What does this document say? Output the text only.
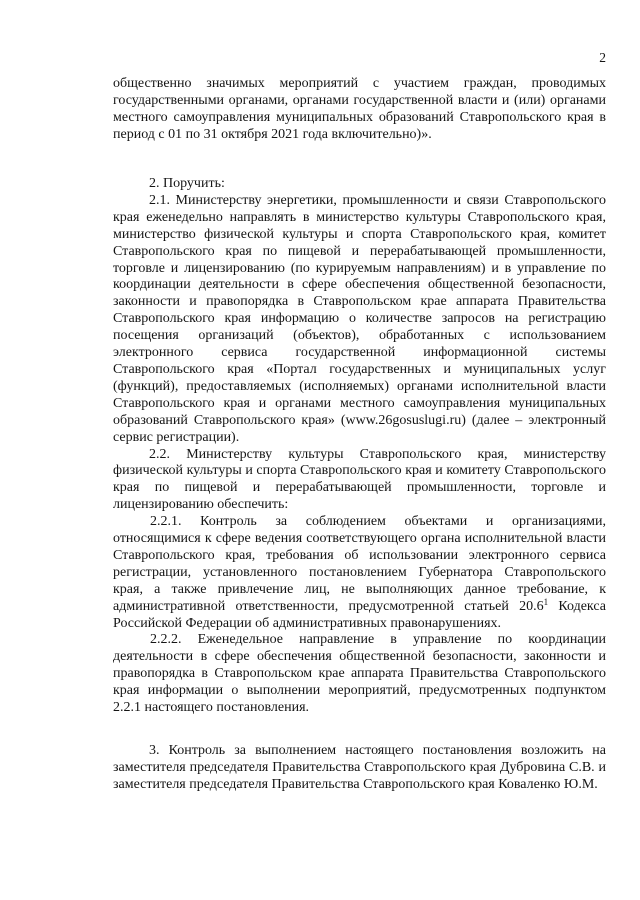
2

общественно значимых мероприятий с участием граждан, проводимых государственными органами, органами государственной власти и (или) органами местного самоуправления муниципальных образований Ставропольского края в период с 01 по 31 октября 2021 года включительно)».

2. Поручить:

2.1. Министерству энергетики, промышленности и связи Ставропольского края еженедельно направлять в министерство культуры Ставропольского края, министерство физической культуры и спорта Ставропольского края, комитет Ставропольского края по пищевой и перерабатывающей промышленности, торговле и лицензированию (по курируемым направлениям) и в управление по координации деятельности в сфере обеспечения общественной безопасности, законности и правопорядка в Ставропольском крае аппарата Правительства Ставропольского края информацию о количестве запросов на регистрацию посещения организаций (объектов), обработанных с использованием электронного сервиса государственной информационной системы Ставропольского края «Портал государственных и муниципальных услуг (функций), предоставляемых (исполняемых) органами исполнительной власти Ставропольского края и органами местного самоуправления муниципальных образований Ставропольского края» (www.26gosuslugi.ru) (далее – электронный сервис регистрации).

2.2. Министерству культуры Ставропольского края, министерству физической культуры и спорта Ставропольского края и комитету Ставропольского края по пищевой и перерабатывающей промышленности, торговле и лицензированию обеспечить:

2.2.1. Контроль за соблюдением объектами и организациями, относящимися к сфере ведения соответствующего органа исполнительной власти Ставропольского края, требования об использовании электронного сервиса регистрации, установленного постановлением Губернатора Ставропольского края, а также привлечение лиц, не выполняющих данное требование, к административной ответственности, предусмотренной статьей 20.6$^1$ Кодекса Российской Федерации об административных правонарушениях.

2.2.2. Еженедельное направление в управление по координации деятельности в сфере обеспечения общественной безопасности, законности и правопорядка в Ставропольском крае аппарата Правительства Ставропольского края информации о выполнении мероприятий, предусмотренных подпунктом 2.2.1 настоящего постановления.

3. Контроль за выполнением настоящего постановления возложить на заместителя председателя Правительства Ставропольского края Дубровина С.В. и заместителя председателя Правительства Ставропольского края Коваленко Ю.М.
